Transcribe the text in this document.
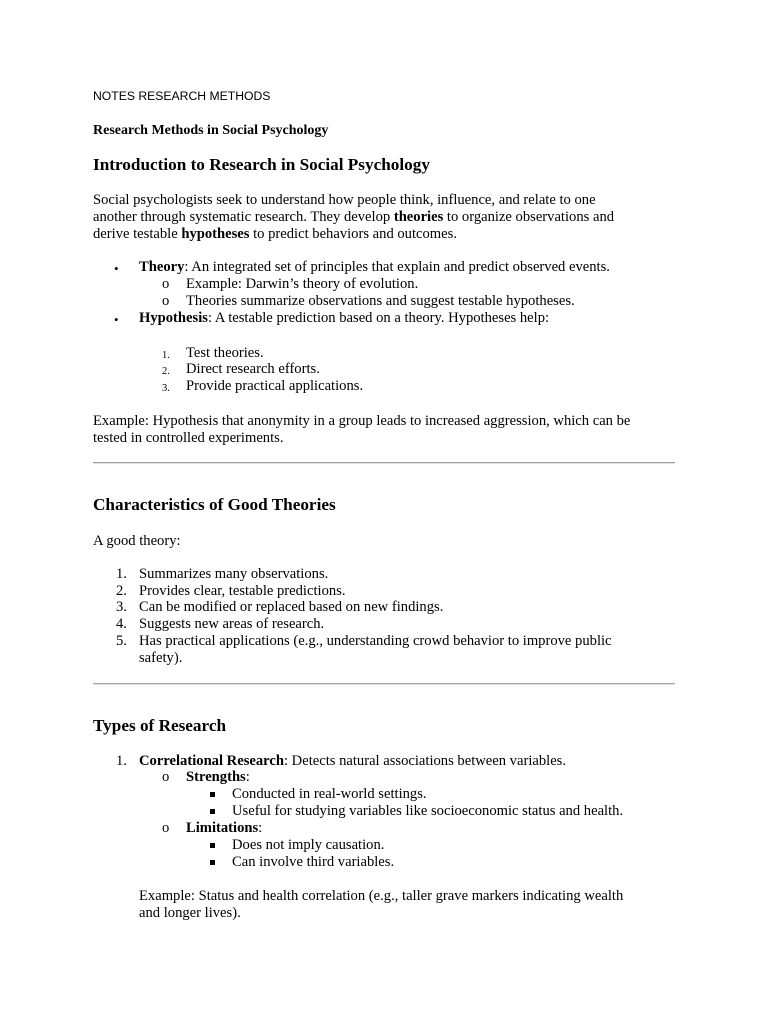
NOTES RESEARCH METHODS
Research Methods in Social Psychology
Introduction to Research in Social Psychology
Social psychologists seek to understand how people think, influence, and relate to one
another through systematic research. They develop theories to organize observations and
derive testable hypotheses to predict behaviors and outcomes.
• Theory: An integrated set of principles that explain and predict observed events.
o Example: Darwin’s theory of evolution.
o Theories summarize observations and suggest testable hypotheses.
• Hypothesis: A testable prediction based on a theory. Hypotheses help:
1. Test theories.
2. Direct research efforts.
3. Provide practical applications.
Example: Hypothesis that anonymity in a group leads to increased aggression, which can be
tested in controlled experiments.
Characteristics of Good Theories
A good theory:
1. Summarizes many observations.
2. Provides clear, testable predictions.
3. Can be modified or replaced based on new findings.
4. Suggests new areas of research.
5. Has practical applications (e.g., understanding crowd behavior to improve public
safety).
Types of Research
1. Correlational Research: Detects natural associations between variables.
o Strengths:
Conducted in real-world settings.
Useful for studying variables like socioeconomic status and health.
o Limitations:
Does not imply causation.
Can involve third variables.
Example: Status and health correlation (e.g., taller grave markers indicating wealth
and longer lives).
